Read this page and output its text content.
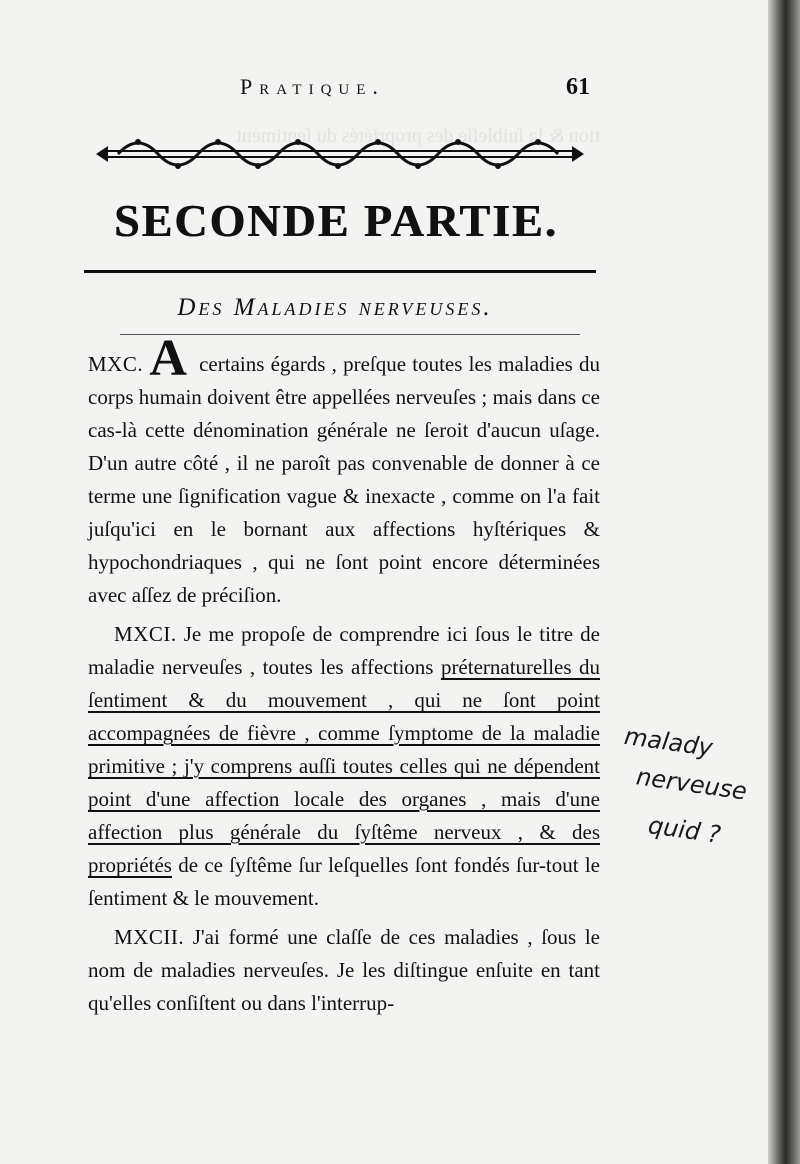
tion & la ſuibleſſe des propriétés du ſentiment
Pratique.	61
SECONDE PARTIE.
Des Maladies nerveuses.

MXC. A certains égards , preſque toutes les maladies du corps humain doivent être appellées nerveuſes ; mais dans ce cas-là cette dénomination générale ne ſeroit d'aucun uſage. D'un autre côté , il ne paroît pas convenable de donner à ce terme une ſignification vague & inexacte , comme on l'a fait juſqu'ici en le bornant aux affections hyſtériques & hypochondriaques , qui ne ſont point encore déterminées avec aſſez de préciſion.

MXCI. Je me propoſe de comprendre ici ſous le titre de maladie nerveuſes , toutes les affections préternaturelles du ſentiment & du mouvement , qui ne ſont point accompagnées de fièvre , comme ſymptome de la maladie primitive ; j'y comprens auſſi toutes celles qui ne dépendent point d'une affection locale des organes , mais d'une affection plus générale du ſyſtême nerveux , & des propriétés de ce ſyſtême ſur leſquelles ſont fondés ſur-tout le ſentiment & le mouvement.

MXCII. J'ai formé une claſſe de ces maladies , ſous le nom de maladies nerveuſes. Je les diſtingue enſuite en tant qu'elles conſiſtent ou dans l'interrup-

malady
nerveuse
quid ?
